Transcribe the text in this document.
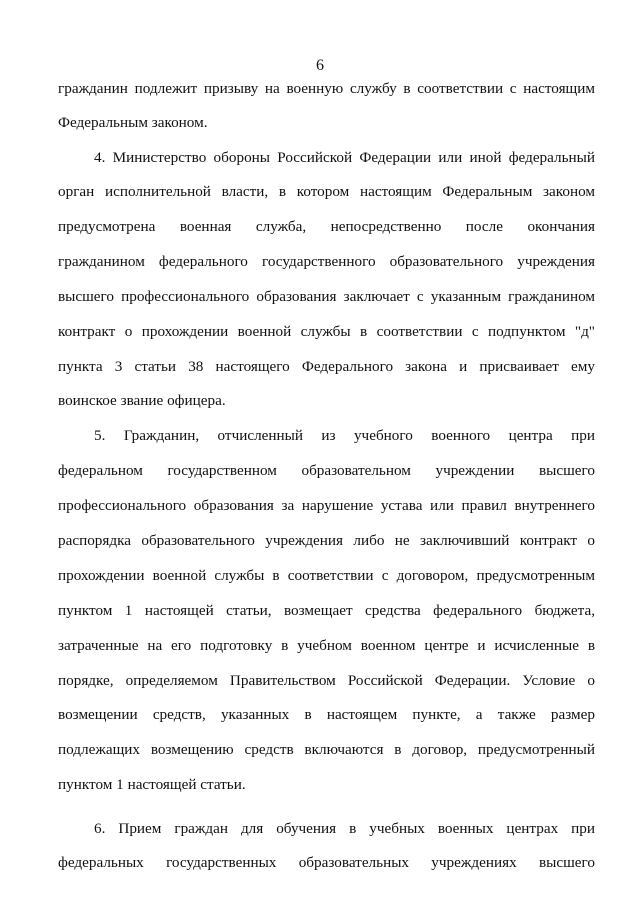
6
гражданин подлежит призыву на военную службу в соответствии с настоящим
Федеральным законом.
4. Министерство обороны Российской Федерации или иной федеральный
орган исполнительной власти, в котором настоящим Федеральным законом
предусмотрена военная служба, непосредственно после окончания
гражданином федерального государственного образовательного учреждения
высшего профессионального образования заключает с указанным гражданином
контракт о прохождении военной службы в соответствии с подпунктом "д"
пункта 3 статьи 38 настоящего Федерального закона и присваивает ему
воинское звание офицера.
5. Гражданин, отчисленный из учебного военного центра при
федеральном государственном образовательном учреждении высшего
профессионального образования за нарушение устава или правил внутреннего
распорядка образовательного учреждения либо не заключивший контракт о
прохождении военной службы в соответствии с договором, предусмотренным
пунктом 1 настоящей статьи, возмещает средства федерального бюджета,
затраченные на его подготовку в учебном военном центре и исчисленные в
порядке, определяемом Правительством Российской Федерации. Условие о
возмещении средств, указанных в настоящем пункте, а также размер
подлежащих возмещению средств включаются в договор, предусмотренный
пунктом 1 настоящей статьи.
6. Прием граждан для обучения в учебных военных центрах при
федеральных государственных образовательных учреждениях высшего
